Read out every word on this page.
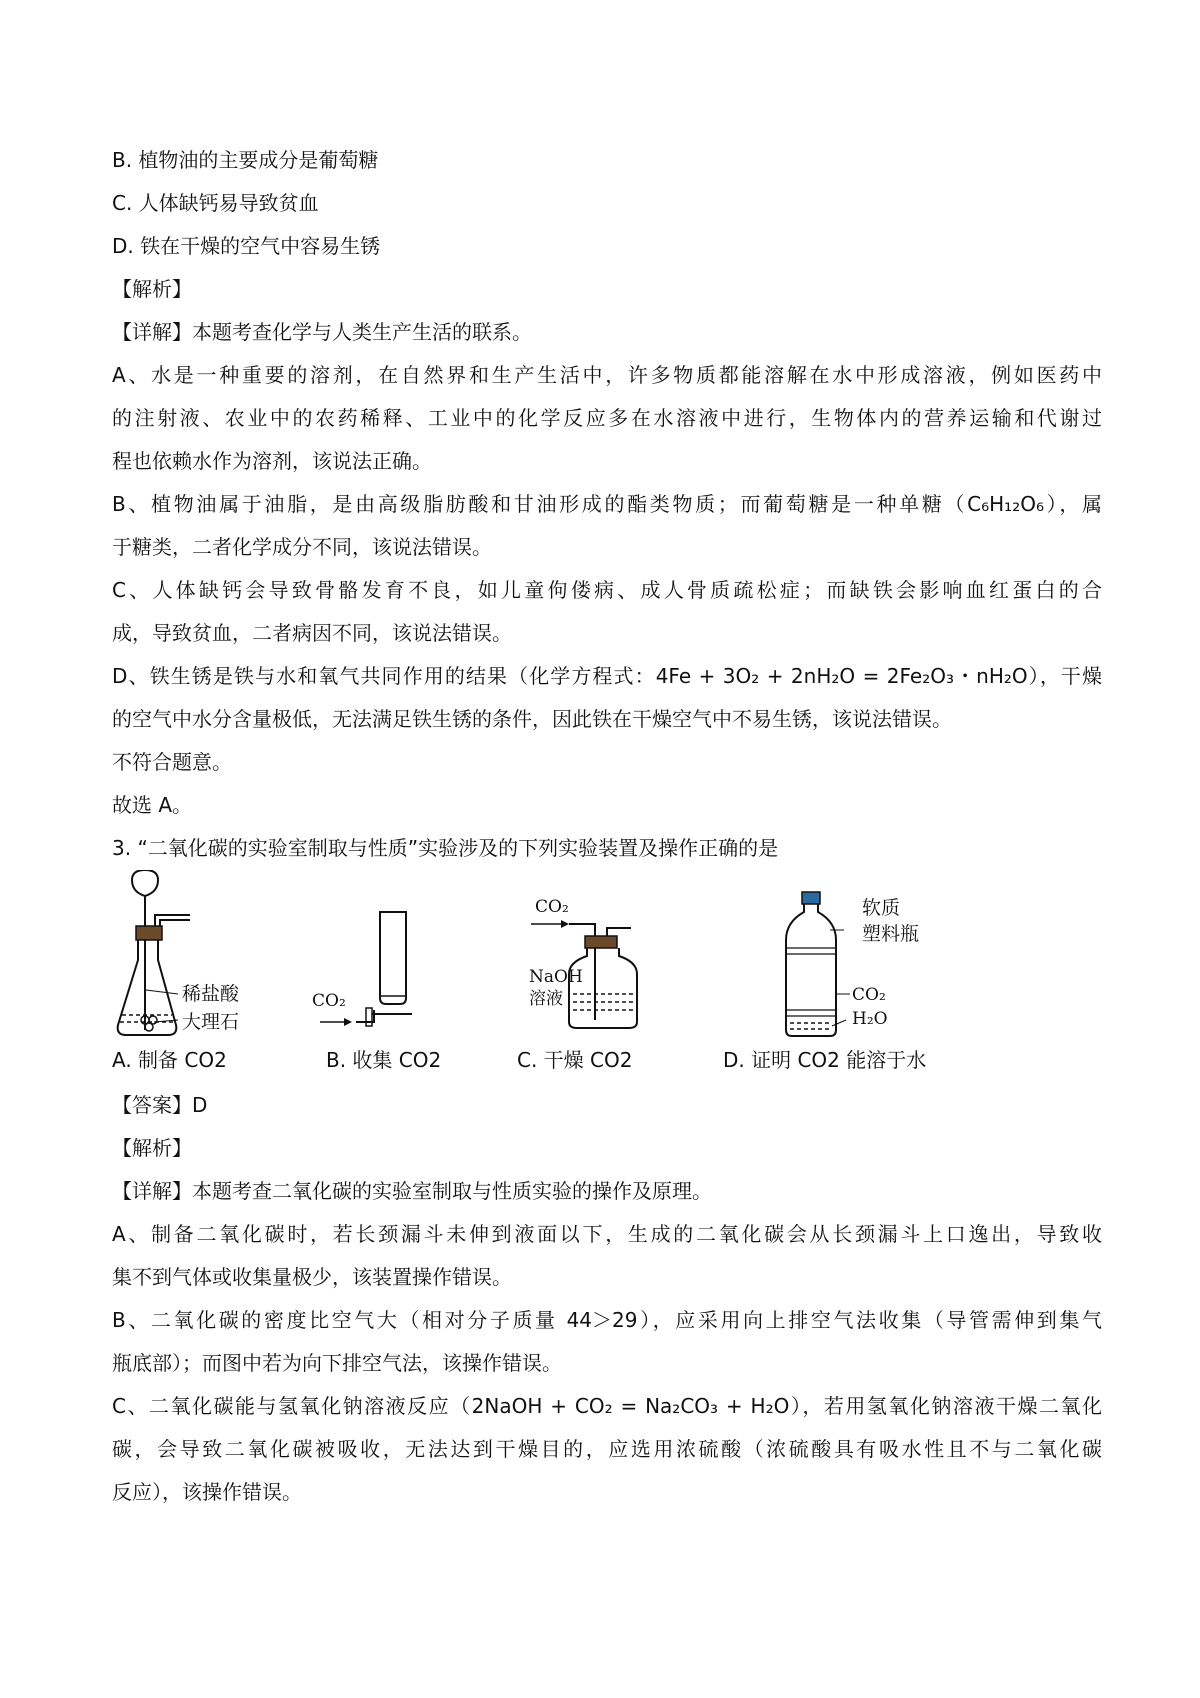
B. 植物油的主要成分是葡萄糖
C. 人体缺钙易导致贫血
D. 铁在干燥的空气中容易生锈
【解析】
【详解】本题考查化学与人类生产生活的联系。
A、水是一种重要的溶剂，在自然界和生产生活中，许多物质都能溶解在水中形成溶液，例如医药中
的注射液、农业中的农药稀释、工业中的化学反应多在水溶液中进行，生物体内的营养运输和代谢过
程也依赖水作为溶剂，该说法正确。
B、植物油属于油脂，是由高级脂肪酸和甘油形成的酯类物质；而葡萄糖是一种单糖（C₆H₁₂O₆），属
于糖类，二者化学成分不同，该说法错误。
C、人体缺钙会导致骨骼发育不良，如儿童佝偻病、成人骨质疏松症；而缺铁会影响血红蛋白的合
成，导致贫血，二者病因不同，该说法错误。
D、铁生锈是铁与水和氧气共同作用的结果（化学方程式：4Fe + 3O₂ + 2nH₂O = 2Fe₂O₃・nH₂O），干燥
的空气中水分含量极低，无法满足铁生锈的条件，因此铁在干燥空气中不易生锈，该说法错误。
不符合题意。
故选 A。
3. “二氧化碳的实验室制取与性质”实验涉及的下列实验装置及操作正确的是
稀盐酸
大理石
CO₂
CO₂
NaOH
溶液
软质
塑料瓶
CO₂
H₂O
A. 制备 CO2	B. 收集 CO2	C. 干燥 CO2	D. 证明 CO2 能溶于水
【答案】D
【解析】
【详解】本题考查二氧化碳的实验室制取与性质实验的操作及原理。
A、制备二氧化碳时，若长颈漏斗未伸到液面以下，生成的二氧化碳会从长颈漏斗上口逸出，导致收
集不到气体或收集量极少，该装置操作错误。
B、二氧化碳的密度比空气大（相对分子质量 44＞29），应采用向上排空气法收集（导管需伸到集气
瓶底部）；而图中若为向下排空气法，该操作错误。
C、二氧化碳能与氢氧化钠溶液反应（2NaOH + CO₂ = Na₂CO₃ + H₂O），若用氢氧化钠溶液干燥二氧化
碳，会导致二氧化碳被吸收，无法达到干燥目的，应选用浓硫酸（浓硫酸具有吸水性且不与二氧化碳
反应），该操作错误。
